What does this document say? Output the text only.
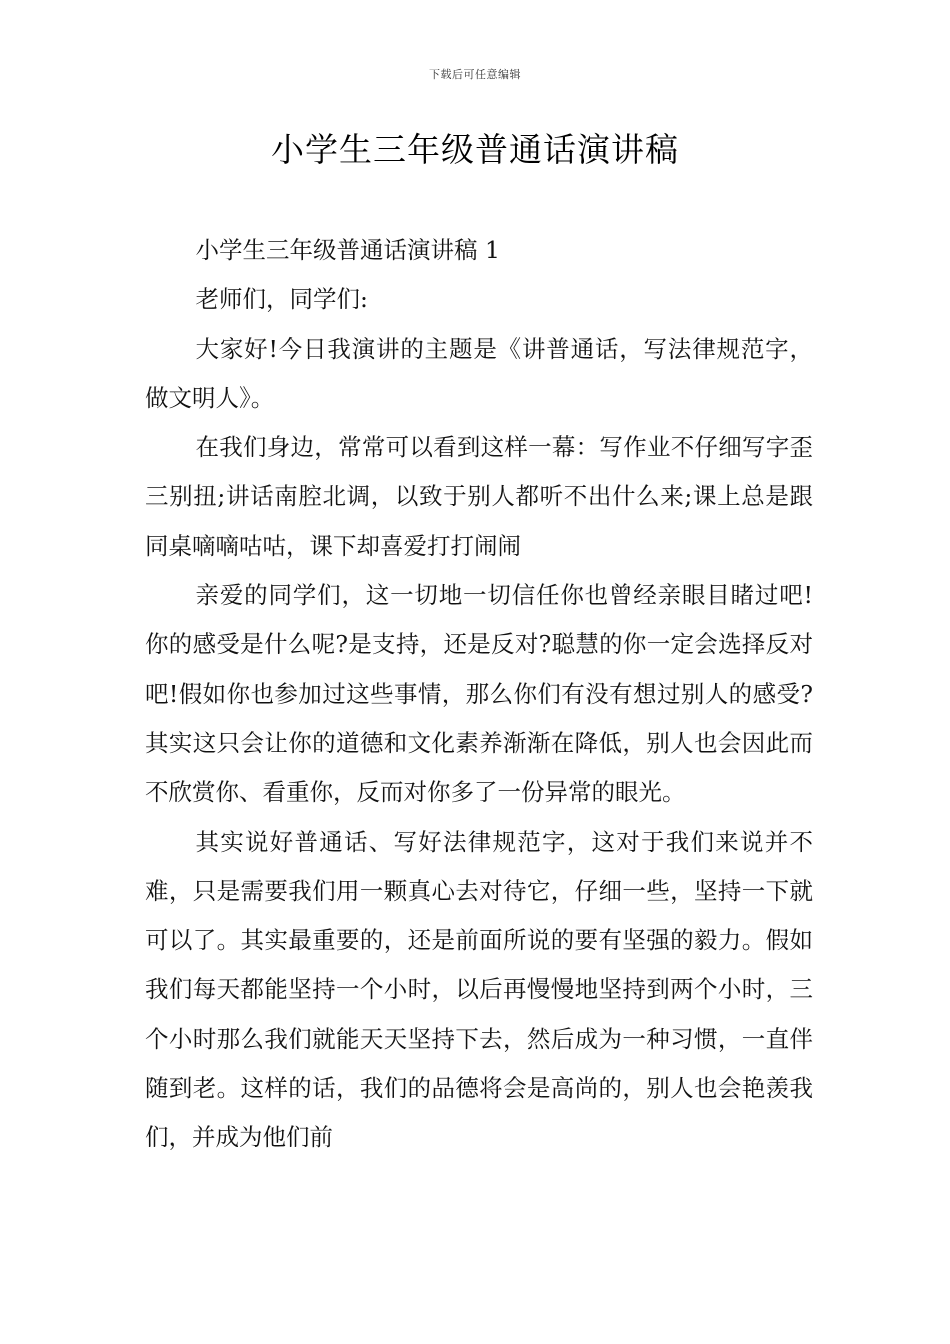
下载后可任意编辑
小学生三年级普通话演讲稿

小学生三年级普通话演讲稿 1

老师们，同学们:

大家好!今日我演讲的主题是《讲普通话，写法律规范字，做文明人》。

在我们身边，常常可以看到这样一幕：写作业不仔细写字歪三别扭;讲话南腔北调，以致于别人都听不出什么来;课上总是跟同桌嘀嘀咕咕，课下却喜爱打打闹闹

亲爱的同学们，这一切地一切信任你也曾经亲眼目睹过吧!你的感受是什么呢?是支持，还是反对?聪慧的你一定会选择反对吧!假如你也参加过这些事情，那么你们有没有想过别人的感受?其实这只会让你的道德和文化素养渐渐在降低，别人也会因此而不欣赏你、看重你，反而对你多了一份异常的眼光。

其实说好普通话、写好法律规范字，这对于我们来说并不难，只是需要我们用一颗真心去对待它，仔细一些，坚持一下就可以了。其实最重要的，还是前面所说的要有坚强的毅力。假如我们每天都能坚持一个小时，以后再慢慢地坚持到两个小时，三个小时那么我们就能天天坚持下去，然后成为一种习惯，一直伴随到老。这样的话，我们的品德将会是高尚的，别人也会艳羡我们，并成为他们前
